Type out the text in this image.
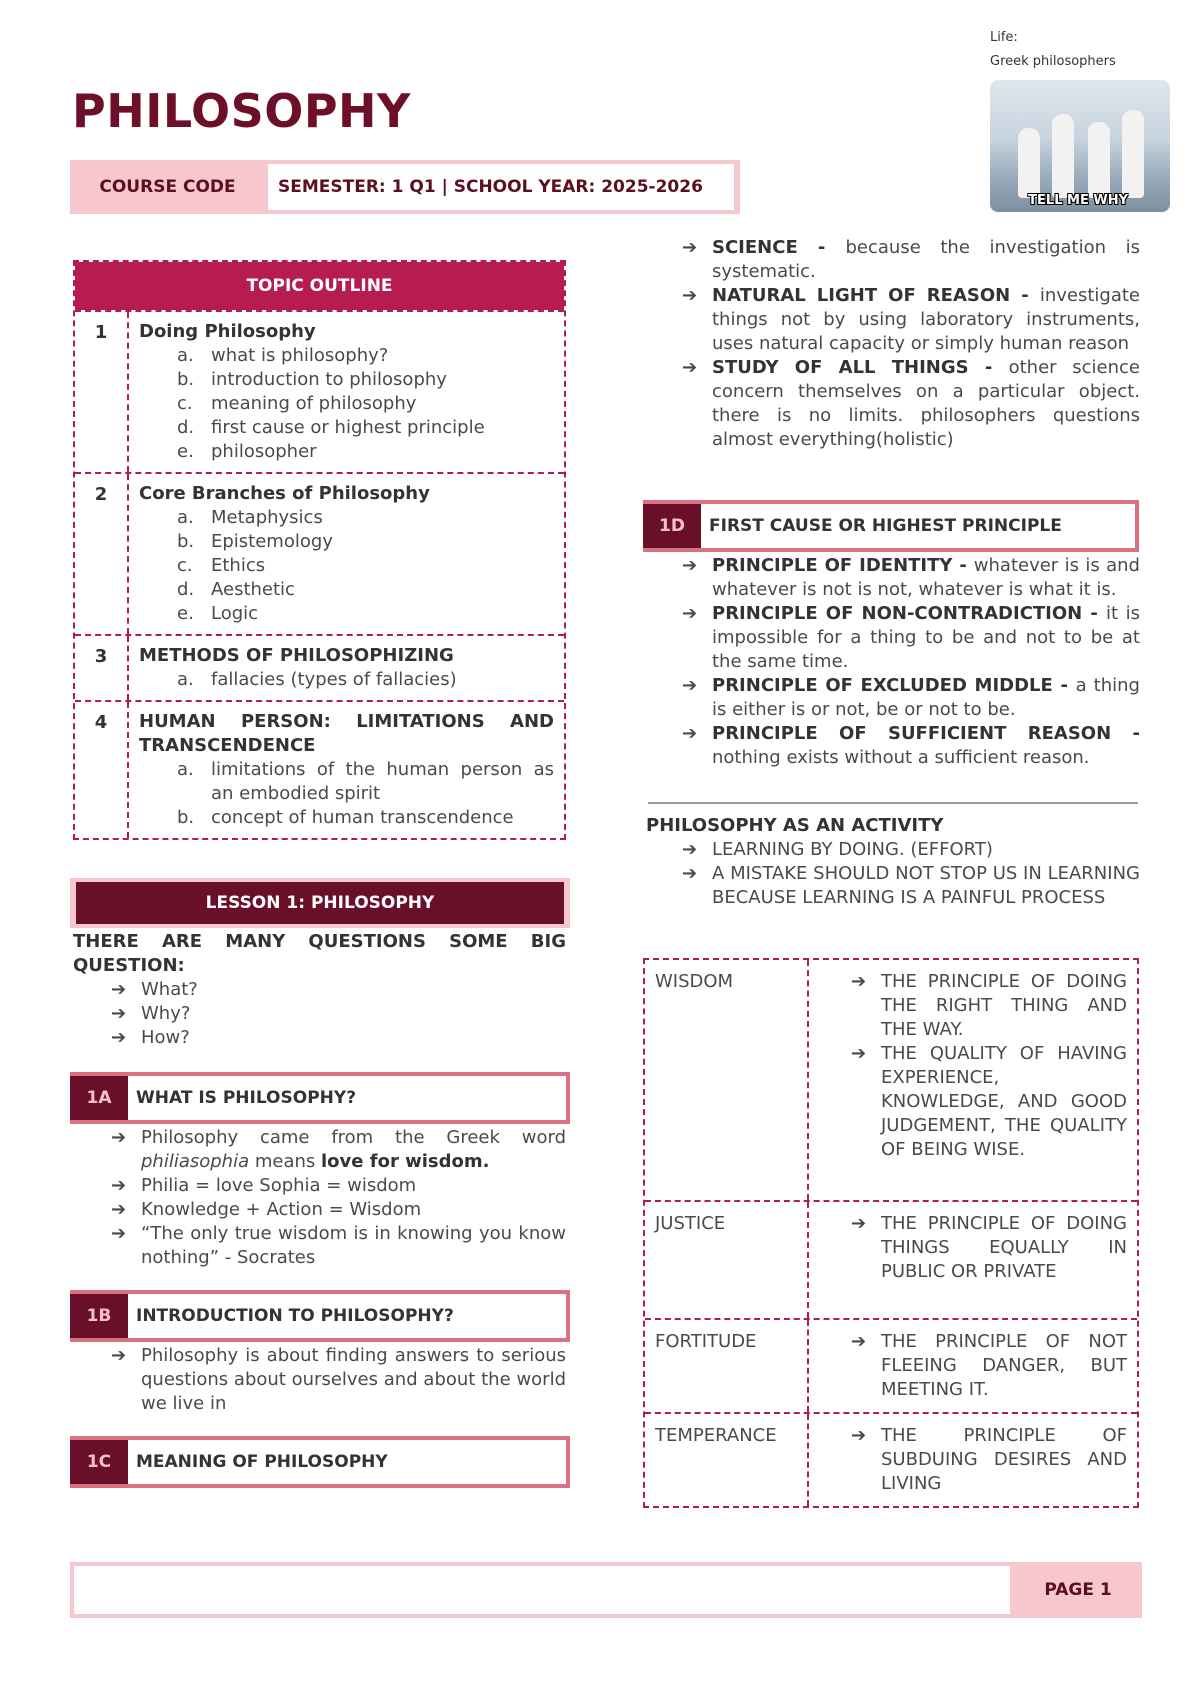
PHILOSOPHY
Life:
Greek philosophers
TELL ME WHY
COURSE CODE	SEMESTER: 1 Q1 | SCHOOL YEAR: 2025-2026
TOPIC OUTLINE
1	Doing Philosophy
a. what is philosophy?
b. introduction to philosophy
c.	meaning of philosophy
d. first cause or highest principle
e. philosopher
2	Core Branches of Philosophy
a. Metaphysics
b. Epistemology
c.	Ethics
d. Aesthetic
e. Logic
3	METHODS OF PHILOSOPHIZING
a. fallacies (types of fallacies)
4	HUMAN PERSON: LIMITATIONS AND TRANSCENDENCE
a. limitations of the human person as an embodied spirit
b. concept of human transcendence
LESSON 1: PHILOSOPHY
THERE ARE MANY QUESTIONS SOME BIG QUESTION:
➔ What?
➔ Why?
➔ How?
1A	WHAT IS PHILOSOPHY?
➔ Philosophy came from the Greek word philiasophia means love for wisdom.
➔ Philia = love Sophia = wisdom
➔ Knowledge + Action = Wisdom
➔ “The only true wisdom is in knowing you know nothing” - Socrates
1B	INTRODUCTION TO PHILOSOPHY?
➔ Philosophy is about finding answers to serious questions about ourselves and about the world we live in
1C	MEANING OF PHILOSOPHY
➔ SCIENCE - because the investigation is systematic.
➔ NATURAL LIGHT OF REASON - investigate things not by using laboratory instruments, uses natural capacity or simply human reason
➔ STUDY OF ALL THINGS - other science concern themselves on a particular object. there is no limits. philosophers questions almost everything(holistic)
1D	FIRST CAUSE OR HIGHEST PRINCIPLE
➔ PRINCIPLE OF IDENTITY - whatever is is and whatever is not is not, whatever is what it is.
➔ PRINCIPLE OF NON-CONTRADICTION - it is impossible for a thing to be and not to be at the same time.
➔ PRINCIPLE OF EXCLUDED MIDDLE - a thing is either is or not, be or not to be.
➔ PRINCIPLE OF SUFFICIENT REASON - nothing exists without a sufficient reason.
PHILOSOPHY AS AN ACTIVITY
➔ LEARNING BY DOING. (EFFORT)
➔ A MISTAKE SHOULD NOT STOP US IN LEARNING BECAUSE LEARNING IS A PAINFUL PROCESS
WISDOM	➔ THE PRINCIPLE OF DOING THE RIGHT THING AND THE WAY.
➔ THE QUALITY OF HAVING EXPERIENCE, KNOWLEDGE, AND GOOD JUDGEMENT, THE QUALITY OF BEING WISE.
JUSTICE	➔ THE PRINCIPLE OF DOING THINGS EQUALLY IN PUBLIC OR PRIVATE
FORTITUDE	➔ THE PRINCIPLE OF NOT FLEEING DANGER, BUT MEETING IT.
TEMPERANCE	➔ THE PRINCIPLE OF SUBDUING DESIRES AND LIVING
PAGE 1
